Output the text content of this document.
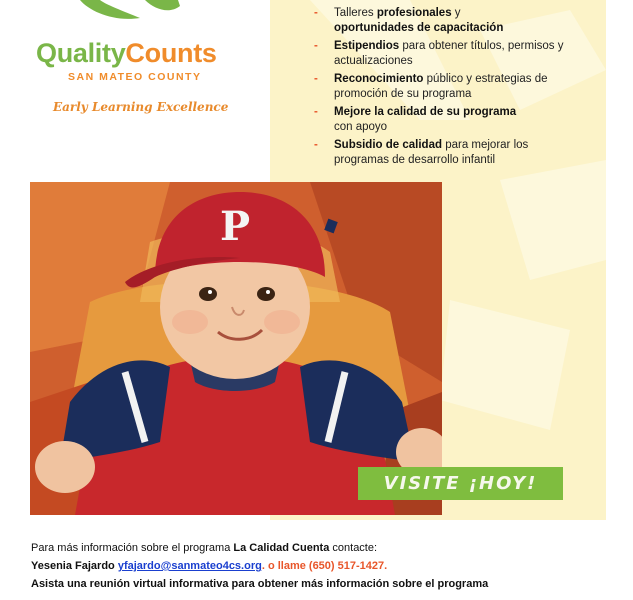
QualityCounts
SAN MATEO COUNTY
Early Learning Excellence
- Talleres profesionales y
oportunidades de capacitación
- Estipendios para obtener títulos, permisos y actualizaciones
- Reconocimiento público y estrategias de promoción de su programa
- Mejore la calidad de su programa
con apoyo
- Subsidio de calidad para mejorar los programas de desarrollo infantil
P
VISITE ¡HOY!
Para más información sobre el programa La Calidad Cuenta contacte:
Yesenia Fajardo yfajardo@sanmateo4cs.org. o llame (650) 517-1427.
Asista una reunión virtual informativa para obtener más información sobre el programa
